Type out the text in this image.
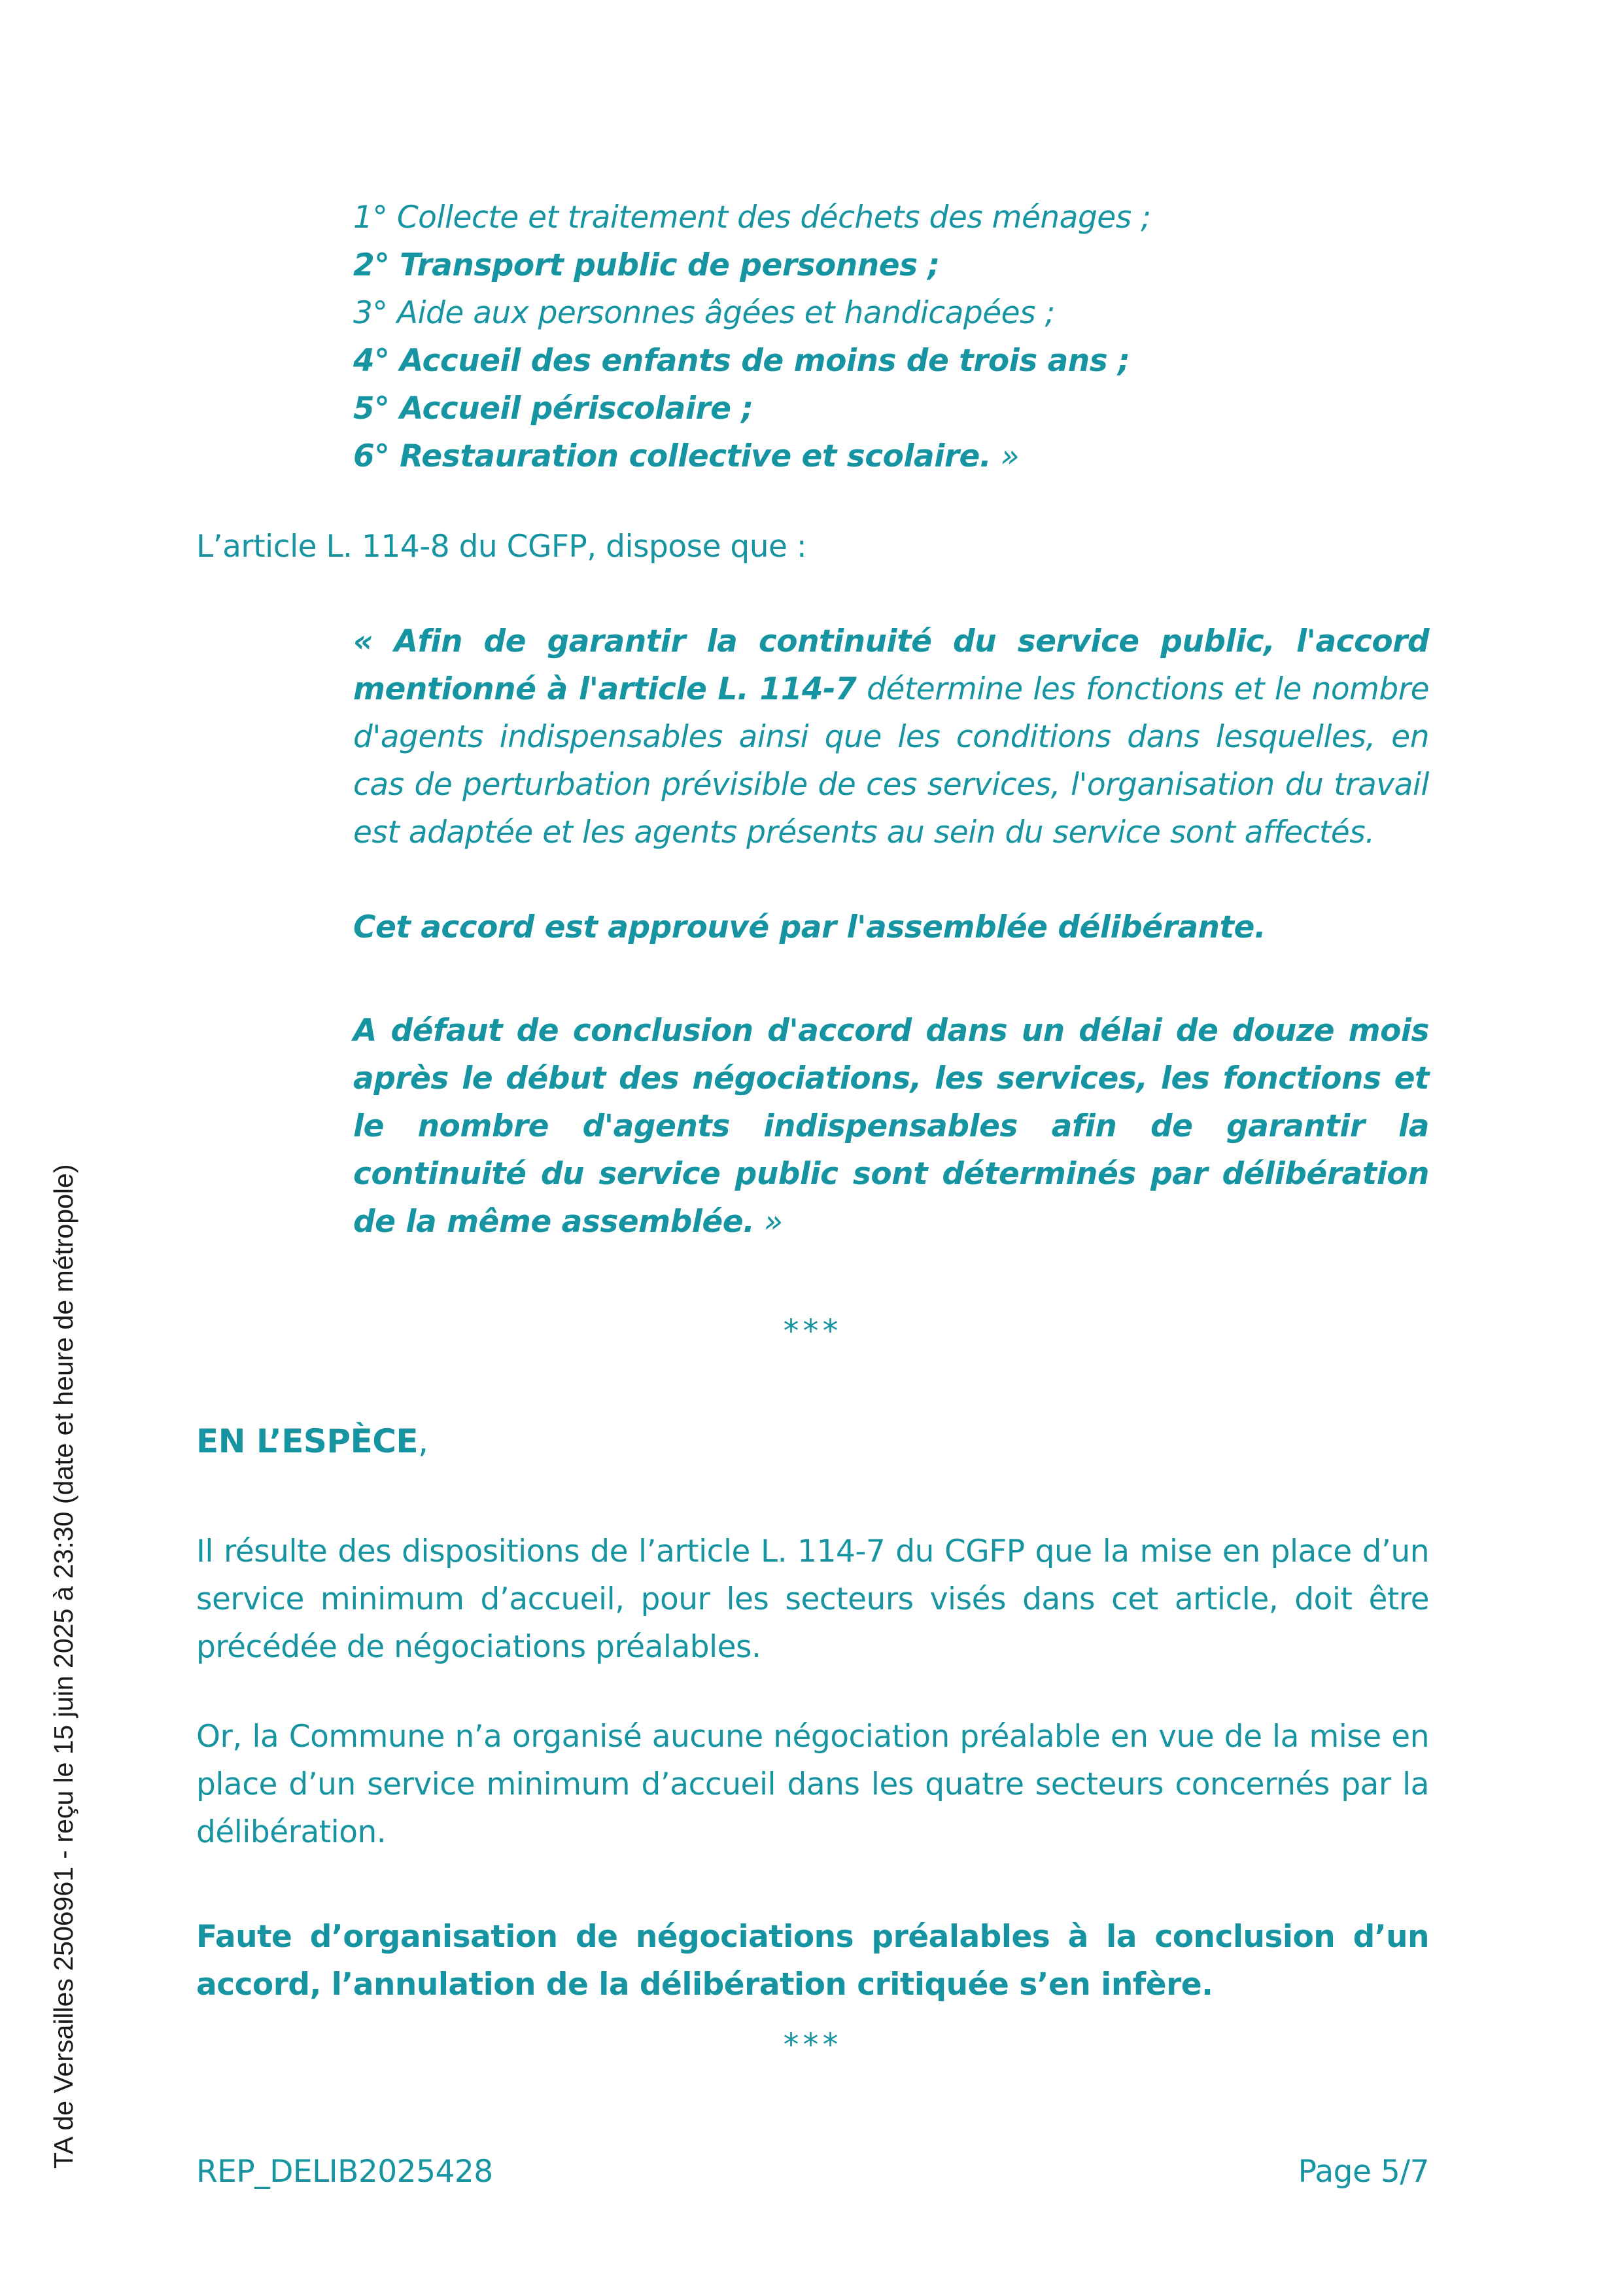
TA de Versailles 2506961 - reçu le 15 juin 2025 à 23:30 (date et heure de métropole)

1° Collecte et traitement des déchets des ménages ;

2° Transport public de personnes ;

3° Aide aux personnes âgées et handicapées ;

4° Accueil des enfants de moins de trois ans ;

5° Accueil périscolaire ;

6° Restauration collective et scolaire. »

L’article L. 114-8 du CGFP, dispose que :

« Afin de garantir la continuité du service public, l'accord mentionné à l'article L. 114-7 détermine les fonctions et le nombre d'agents indispensables ainsi que les conditions dans lesquelles, en cas de perturbation prévisible de ces services, l'organisation du travail est adaptée et les agents présents au sein du service sont affectés.

Cet accord est approuvé par l'assemblée délibérante.

A défaut de conclusion d'accord dans un délai de douze mois après le début des négociations, les services, les fonctions et le nombre d'agents indispensables afin de garantir la continuité du service public sont déterminés par délibération de la même assemblée. »

***

EN L’ESPÈCE,

Il résulte des dispositions de l’article L. 114-7 du CGFP que la mise en place d’un service minimum d’accueil, pour les secteurs visés dans cet article, doit être précédée de négociations préalables.

Or, la Commune n’a organisé aucune négociation préalable en vue de la mise en place d’un service minimum d’accueil dans les quatre secteurs concernés par la délibération.

Faute d’organisation de négociations préalables à la conclusion d’un accord, l’annulation de la délibération critiquée s’en infère.

***

REP_DELIB2025428	Page 5/7
